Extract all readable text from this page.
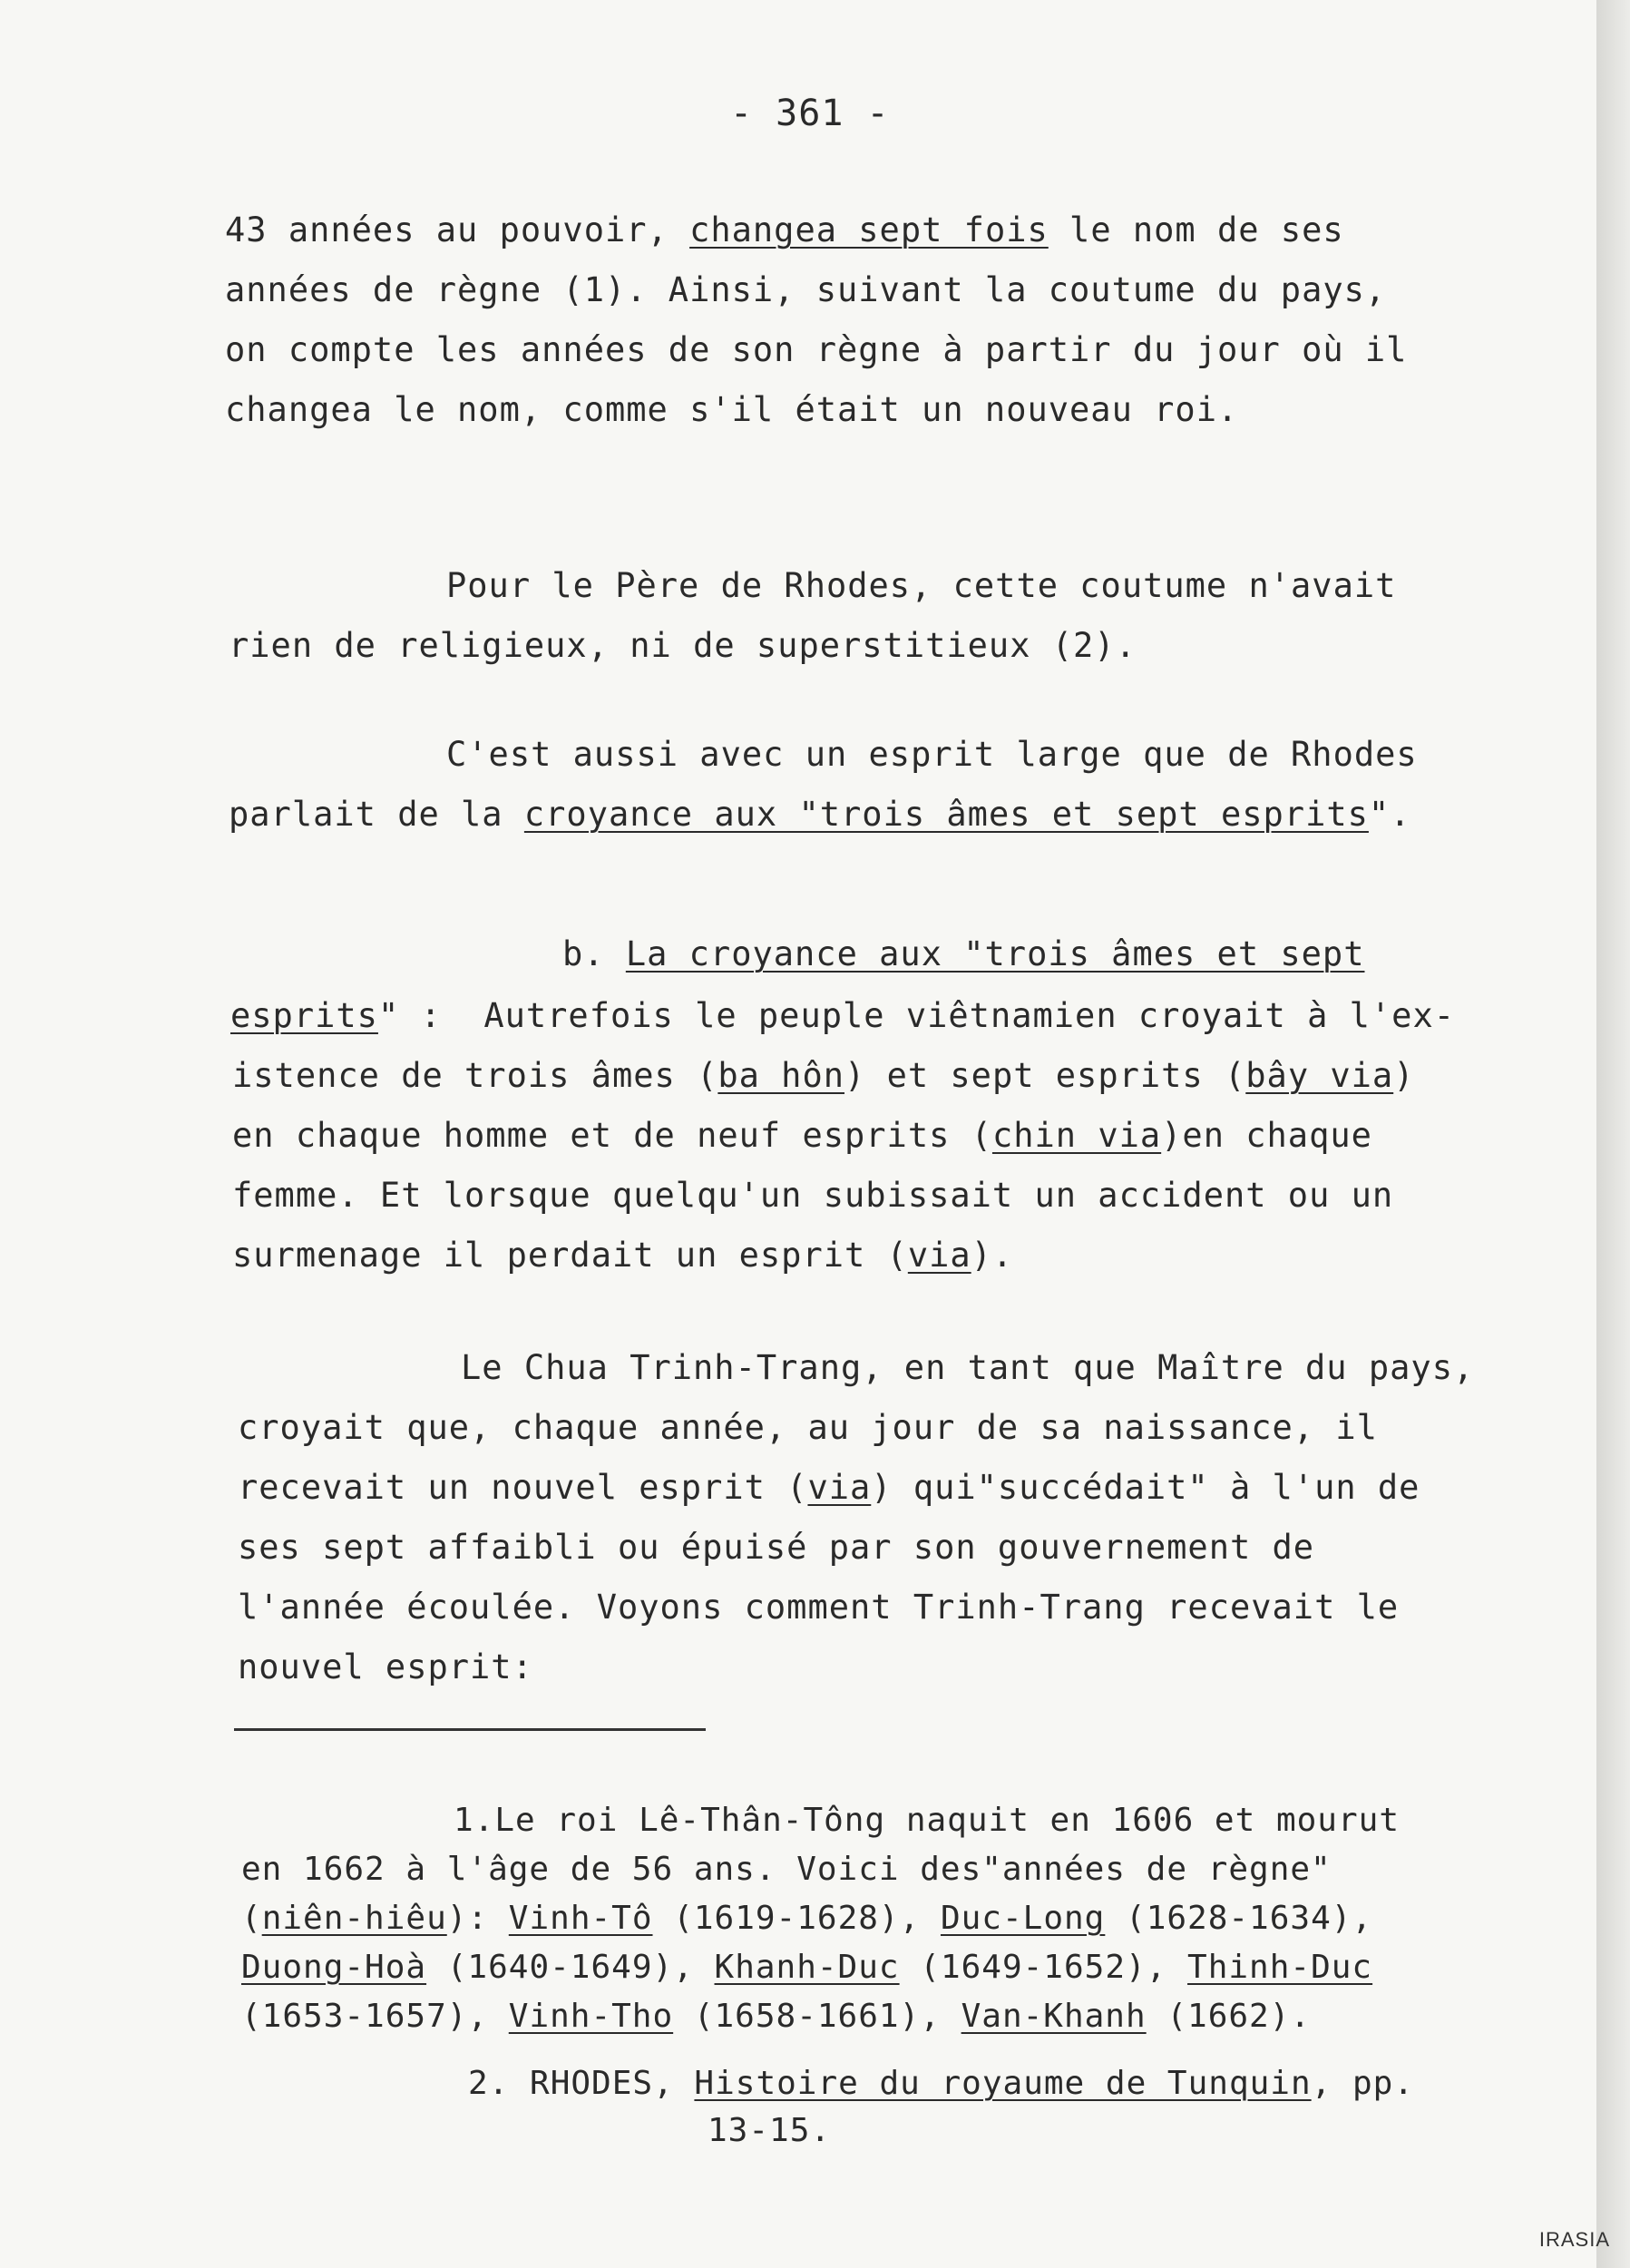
- 361 -
43 années au pouvoir, changea sept fois le nom de ses
années de règne (1). Ainsi, suivant la coutume du pays,
on compte les années de son règne à partir du jour où il
changea le nom, comme s'il était un nouveau roi.
Pour le Père de Rhodes, cette coutume n'avait
rien de religieux, ni de superstitieux (2).
C'est aussi avec un esprit large que de Rhodes
parlait de la croyance aux "trois âmes et sept esprits".
b. La croyance aux "trois âmes et sept
esprits" :  Autrefois le peuple viêtnamien croyait à l'ex-
istence de trois âmes (ba hôn) et sept esprits (bây via)
en chaque homme et de neuf esprits (chin via)en chaque
femme. Et lorsque quelqu'un subissait un accident ou un
surmenage il perdait un esprit (via).
Le Chua Trinh-Trang, en tant que Maître du pays,
croyait que, chaque année, au jour de sa naissance, il
recevait un nouvel esprit (via) qui"succédait" à l'un de
ses sept affaibli ou épuisé par son gouvernement de
l'année écoulée. Voyons comment Trinh-Trang recevait le
nouvel esprit:
1.Le roi Lê-Thân-Tông naquit en 1606 et mourut
en 1662 à l'âge de 56 ans. Voici des"années de règne"
(niên-hiêu): Vinh-Tô (1619-1628), Duc-Long (1628-1634),
Duong-Hoà (1640-1649), Khanh-Duc (1649-1652), Thinh-Duc
(1653-1657), Vinh-Tho (1658-1661), Van-Khanh (1662).
2. RHODES, Histoire du royaume de Tunquin, pp.
13-15.
IRASIA
